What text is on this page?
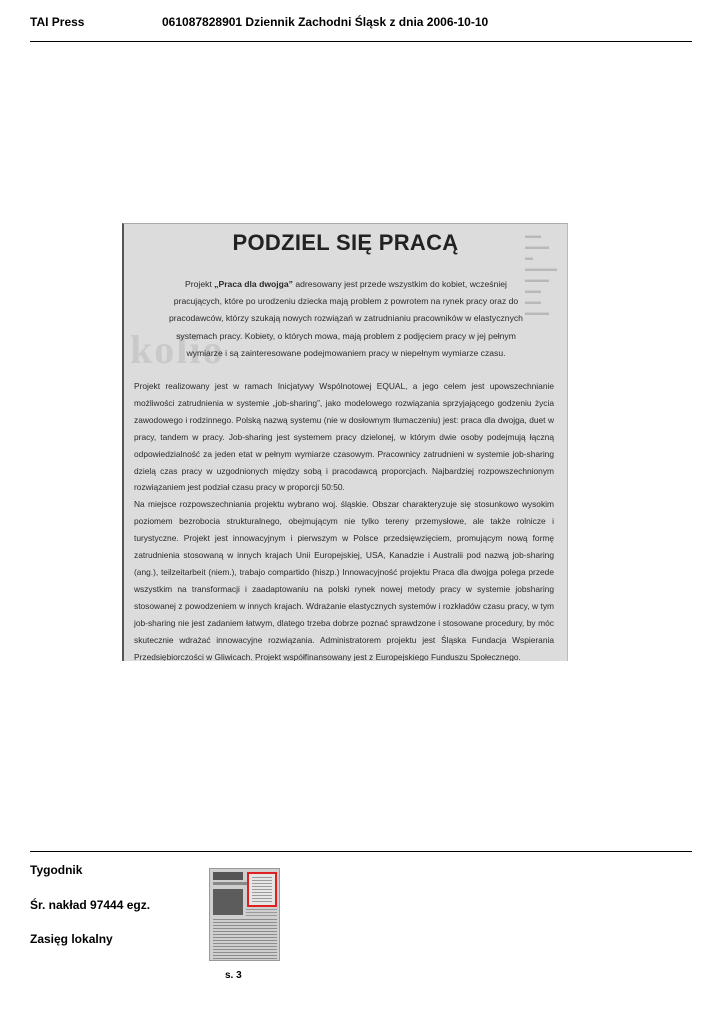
TAI Press	061087828901 Dziennik Zachodni Śląsk z dnia 2006-10-10
kolio
▬▬ ▬▬▬
▬ ▬▬▬▬
▬▬▬ ▬▬
▬▬ ▬▬▬
PODZIEL SIĘ PRACĄ
Projekt „Praca dla dwojga” adresowany jest przede wszystkim do kobiet, wcześniej pracujących, które po urodzeniu dziecka mają problem z powrotem na rynek pracy oraz do pracodawców, którzy szukają nowych rozwiązań w zatrudnianiu pracowników w elastycznych systemach pracy. Kobiety, o których mowa, mają problem z podjęciem pracy w jej pełnym wymiarze i są zainteresowane podejmowaniem pracy w niepełnym wymiarze czasu.

Projekt realizowany jest w ramach Inicjatywy Wspólnotowej EQUAL, a jego celem jest upowszechnianie możliwości zatrudnienia w systemie „job-sharing”, jako modelowego rozwiązania sprzyjającego godzeniu życia zawodowego i rodzinnego. Polską nazwą systemu (nie w dosłownym tłumaczeniu) jest: praca dla dwojga, duet w pracy, tandem w pracy. Job-sharing jest systemem pracy dzielonej, w którym dwie osoby podejmują łączną odpowiedzialność za jeden etat w pełnym wymiarze czasowym. Pracownicy zatrudnieni w systemie job-sharing dzielą czas pracy w uzgodnionych między sobą i pracodawcą proporcjach. Najbardziej rozpowszechnionym rozwiązaniem jest podział czasu pracy w proporcji 50:50.

Na miejsce rozpowszechniania projektu wybrano woj. śląskie. Obszar charakteryzuje się stosunkowo wysokim poziomem bezrobocia strukturalnego, obejmującym nie tylko tereny przemysłowe, ale także rolnicze i turystyczne. Projekt jest innowacyjnym i pierwszym w Polsce przedsięwzięciem, promującym nową formę zatrudnienia stosowaną w innych krajach Unii Europejskiej, USA, Kanadzie i Australii pod nazwą job-sharing (ang.), teilzeitarbeit (niem.), trabajo compartido (hiszp.) Innowacyjność projektu Praca dla dwojga polega przede wszystkim na transformacji i zaadaptowaniu na polski rynek nowej metody pracy w systemie jobsharing stosowanej z powodzeniem w innych krajach. Wdrażanie elastycznych systemów i rozkładów czasu pracy, w tym job-sharing nie jest zadaniem łatwym, dlatego trzeba dobrze poznać sprawdzone i stosowane procedury, by móc skutecznie wdrażać innowacyjne rozwiązania. Administratorem projektu jest Śląska Fundacja Wspierania Przedsiębiorczości w Gliwicach. Projekt współfinansowany jest z Europejskiego Funduszu Społecznego.

Tygodnik
Śr. nakład 97444 egz.
Zasięg lokalny
s. 3
